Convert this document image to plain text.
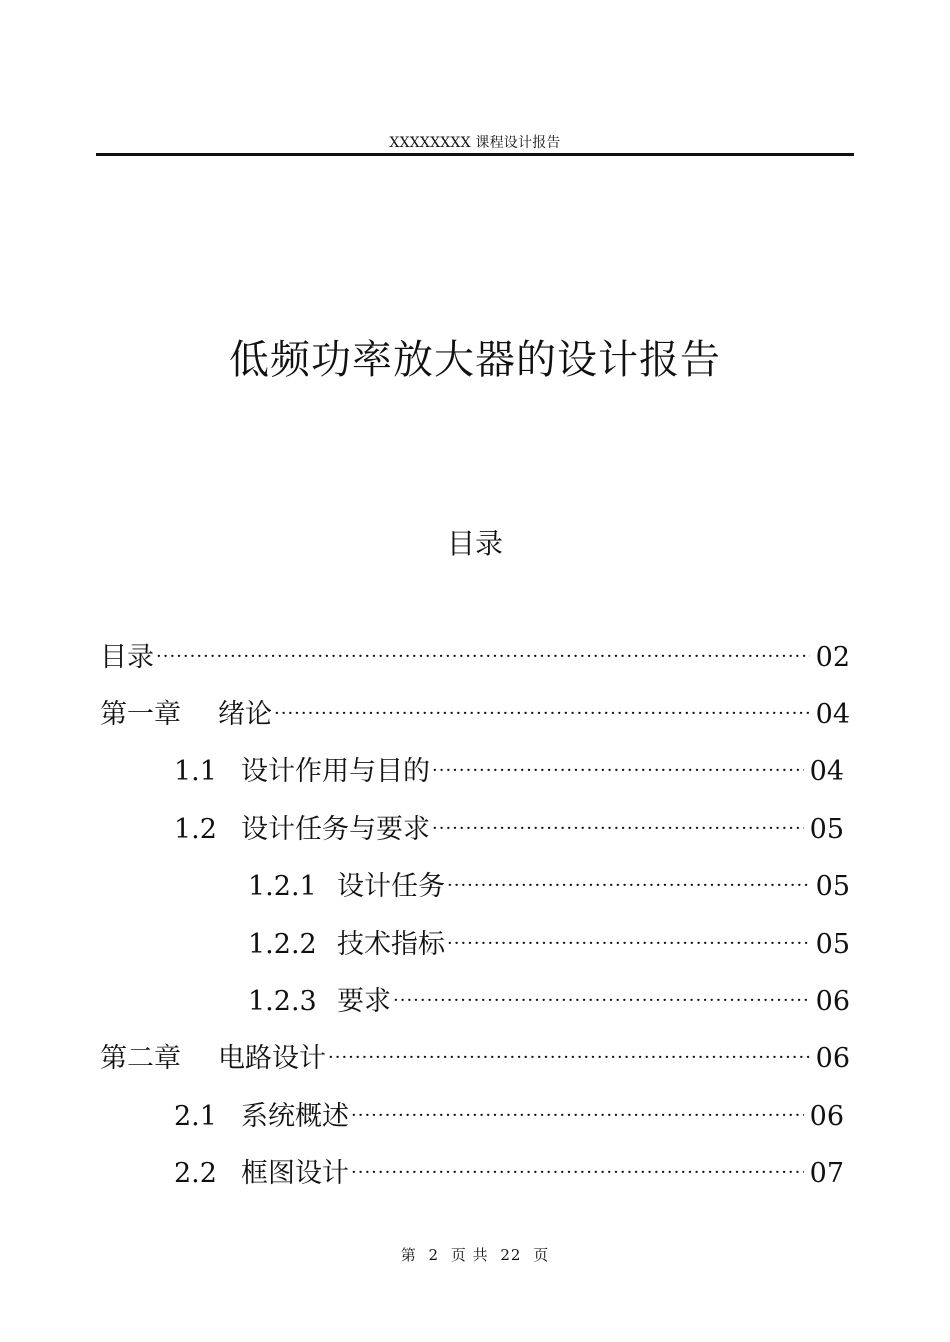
XXXXXXXX 课程设计报告
低频功率放大器的设计报告
目录
目录 ·····	02
第一章	绪论 ·····	04
1.1 设计作用与目的 ·····	04
1.2 设计任务与要求 ·····	05
1.2.1 设计任务 ·····	05
1.2.2 技术指标 ·····	05
1.2.3 要求 ·····	06
第二章	电路设计 ·····	06
2.1 系统概述 ·····	06
2.2 框图设计 ·····	07
第 2 页 共 22 页
